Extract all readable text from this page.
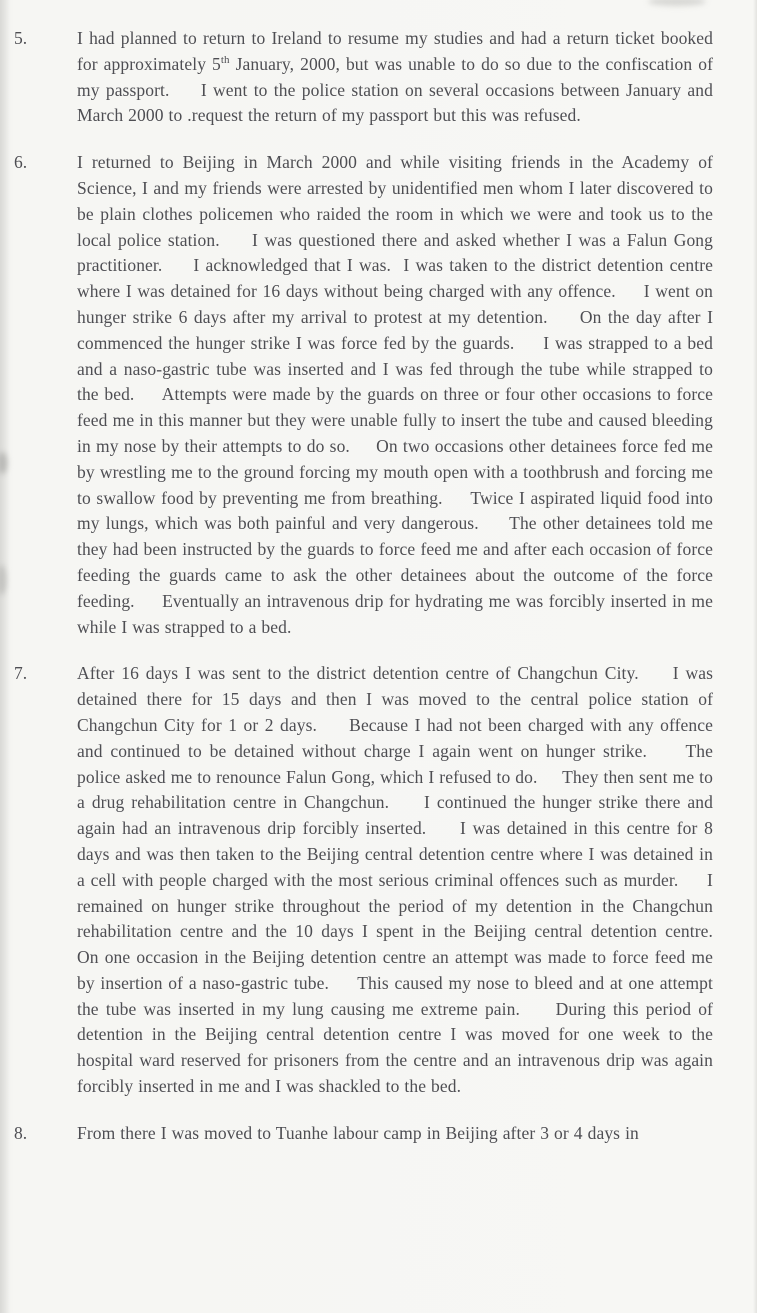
5.	I had planned to return to Ireland to resume my studies and had a return ticket booked for approximately 5th January, 2000, but was unable to do so due to the confiscation of my passport.     I went to the police station on several occasions between January and March 2000 to .request the return of my passport but this was refused.
6.	I returned to Beijing in March 2000 and while visiting friends in the Academy of Science, I and my friends were arrested by unidentified men whom I later discovered to be plain clothes policemen who raided the room in which we were and took us to the local police station.     I was questioned there and asked whether I was a Falun Gong practitioner.     I acknowledged that I was.  I was taken to the district detention centre where I was detained for 16 days without being charged with any offence.     I went on hunger strike 6 days after my arrival to protest at my detention.     On the day after I commenced the hunger strike I was force fed by the guards.     I was strapped to a bed and a naso-gastric tube was inserted and I was fed through the tube while strapped to the bed.     Attempts were made by the guards on three or four other occasions to force feed me in this manner but they were unable fully to insert the tube and caused bleeding in my nose by their attempts to do so.     On two occasions other detainees force fed me by wrestling me to the ground forcing my mouth open with a toothbrush and forcing me to swallow food by preventing me from breathing.     Twice I aspirated liquid food into my lungs, which was both painful and very dangerous.     The other detainees told me they had been instructed by the guards to force feed me and after each occasion of force feeding the guards came to ask the other detainees about the outcome of the force feeding.     Eventually an intravenous drip for hydrating me was forcibly inserted in me while I was strapped to a bed.
7.	After 16 days I was sent to the district detention centre of Changchun City.     I was detained there for 15 days and then I was moved to the central police station of Changchun City for 1 or 2 days.     Because I had not been charged with any offence and continued to be detained without charge I again went on hunger strike.     The police asked me to renounce Falun Gong, which I refused to do.     They then sent me to a drug rehabilitation centre in Changchun.     I continued the hunger strike there and again had an intravenous drip forcibly inserted.     I was detained in this centre for 8 days and was then taken to the Beijing central detention centre where I was detained in a cell with people charged with the most serious criminal offences such as murder.     I remained on hunger strike throughout the period of my detention in the Changchun rehabilitation centre and the 10 days I spent in the Beijing central detention centre.     On one occasion in the Beijing detention centre an attempt was made to force feed me by insertion of a naso-gastric tube.     This caused my nose to bleed and at one attempt the tube was inserted in my lung causing me extreme pain.     During this period of detention in the Beijing central detention centre I was moved for one week to the hospital ward reserved for prisoners from the centre and an intravenous drip was again forcibly inserted in me and I was shackled to the bed.
8.	From there I was moved to Tuanhe labour camp in Beijing after 3 or 4 days in
